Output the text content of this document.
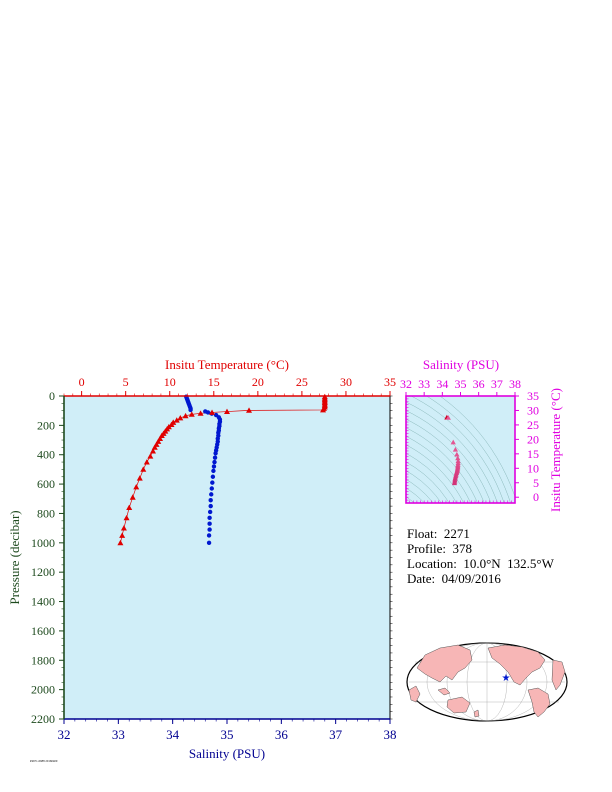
0	5	10	15	20	25	30	35
32	33	34	35	36	37	38
0
200
400
600
800
1000
1200
1400
1600
1800
2000
2200
Insitu Temperature (°C)
Salinity (PSU)
Pressure (decibar)
32 33 34 35 36 37 38
0
5
10
15
20
25
30
35
Salinity (PSU)
Insitu Temperature (°C)
★
Float: 2271
Profile: 378
Location: 10.0°N  132.5°W
Date: 04/09/2016
P4671-0688 20160409
